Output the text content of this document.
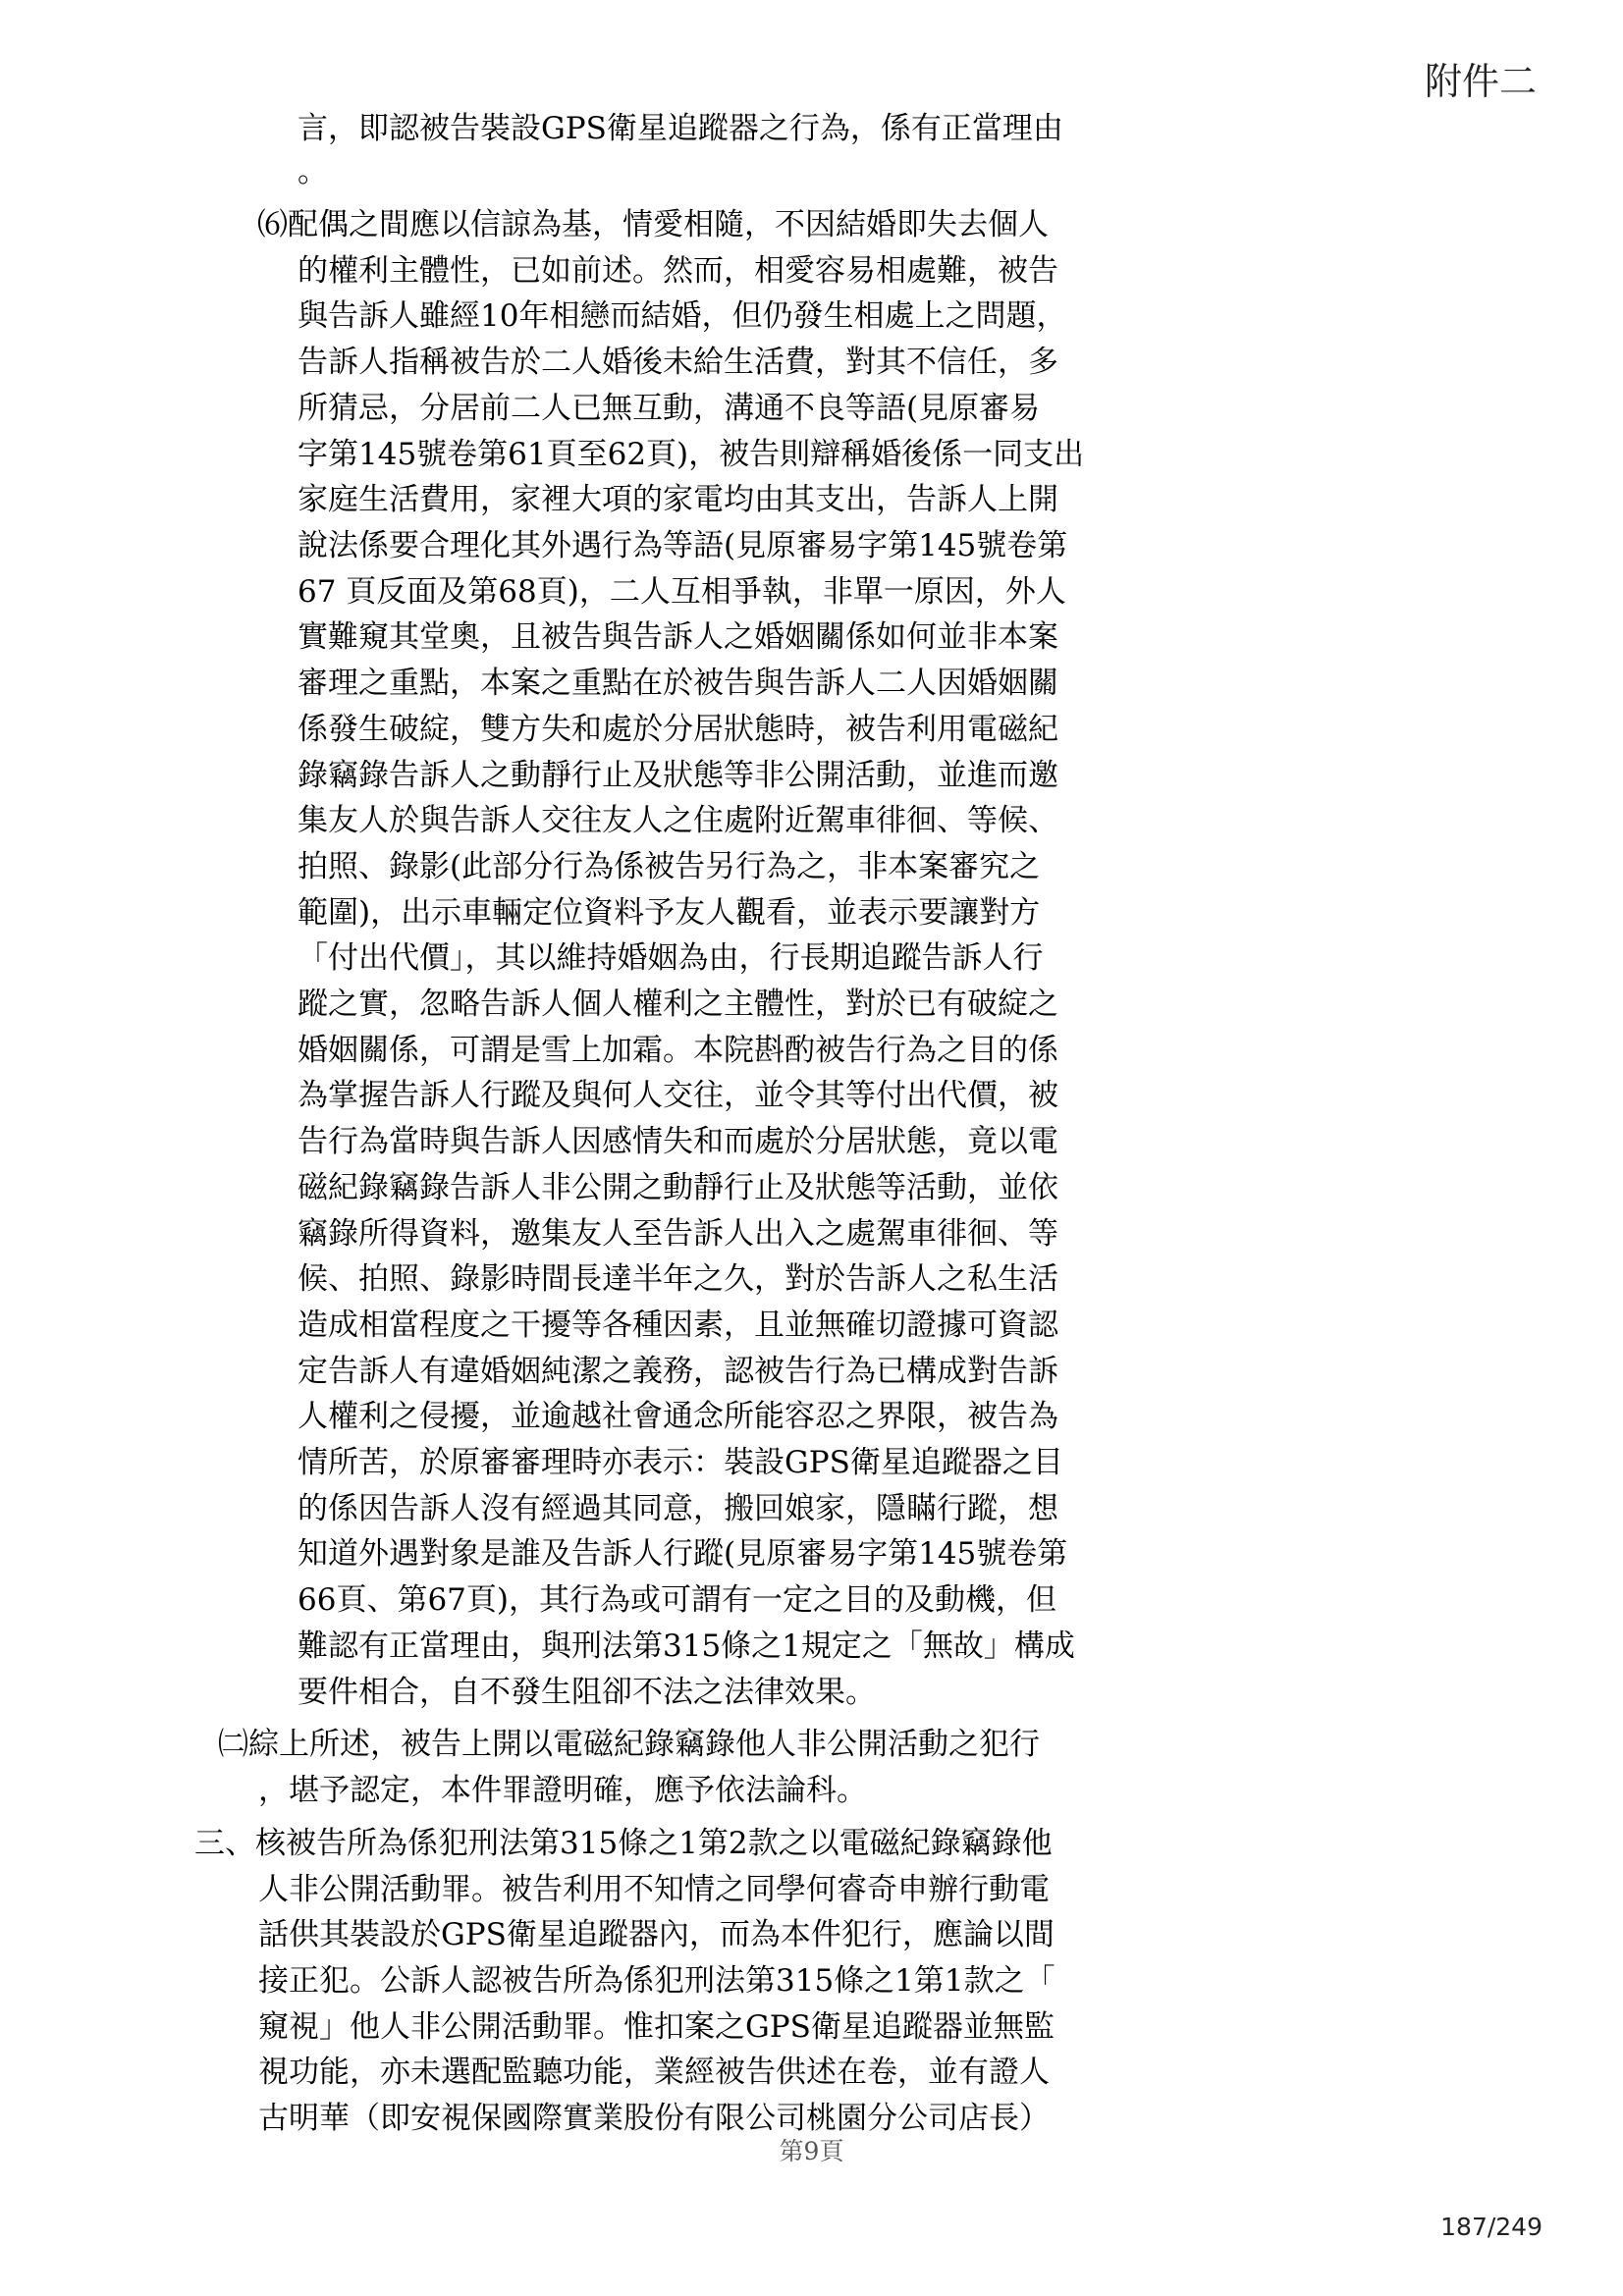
附件二
言，即認被告裝設GPS衛星追蹤器之行為，係有正當理由
。
⑹配偶之間應以信諒為基，情愛相隨，不因結婚即失去個人
的權利主體性，已如前述。然而，相愛容易相處難，被告
與告訴人雖經10年相戀而結婚，但仍發生相處上之問題，
告訴人指稱被告於二人婚後未給生活費，對其不信任，多
所猜忌，分居前二人已無互動，溝通不良等語(見原審易
字第145號卷第61頁至62頁)，被告則辯稱婚後係一同支出
家庭生活費用，家裡大項的家電均由其支出，告訴人上開
說法係要合理化其外遇行為等語(見原審易字第145號卷第
67 頁反面及第68頁)，二人互相爭執，非單一原因，外人
實難窺其堂奧，且被告與告訴人之婚姻關係如何並非本案
審理之重點，本案之重點在於被告與告訴人二人因婚姻關
係發生破綻，雙方失和處於分居狀態時，被告利用電磁紀
錄竊錄告訴人之動靜行止及狀態等非公開活動，並進而邀
集友人於與告訴人交往友人之住處附近駕車徘徊、等候、
拍照、錄影(此部分行為係被告另行為之，非本案審究之
範圍)，出示車輛定位資料予友人觀看，並表示要讓對方
「付出代價」，其以維持婚姻為由，行長期追蹤告訴人行
蹤之實，忽略告訴人個人權利之主體性，對於已有破綻之
婚姻關係，可謂是雪上加霜。本院斟酌被告行為之目的係
為掌握告訴人行蹤及與何人交往，並令其等付出代價，被
告行為當時與告訴人因感情失和而處於分居狀態，竟以電
磁紀錄竊錄告訴人非公開之動靜行止及狀態等活動，並依
竊錄所得資料，邀集友人至告訴人出入之處駕車徘徊、等
候、拍照、錄影時間長達半年之久，對於告訴人之私生活
造成相當程度之干擾等各種因素，且並無確切證據可資認
定告訴人有違婚姻純潔之義務，認被告行為已構成對告訴
人權利之侵擾，並逾越社會通念所能容忍之界限，被告為
情所苦，於原審審理時亦表示：裝設GPS衛星追蹤器之目
的係因告訴人沒有經過其同意，搬回娘家，隱瞞行蹤，想
知道外遇對象是誰及告訴人行蹤(見原審易字第145號卷第
66頁、第67頁)，其行為或可謂有一定之目的及動機，但
難認有正當理由，與刑法第315條之1規定之「無故」構成
要件相合，自不發生阻卻不法之法律效果。
㈡綜上所述，被告上開以電磁紀錄竊錄他人非公開活動之犯行
，堪予認定，本件罪證明確，應予依法論科。
三、核被告所為係犯刑法第315條之1第2款之以電磁紀錄竊錄他
人非公開活動罪。被告利用不知情之同學何睿奇申辦行動電
話供其裝設於GPS衛星追蹤器內，而為本件犯行，應論以間
接正犯。公訴人認被告所為係犯刑法第315條之1第1款之「
窺視」他人非公開活動罪。惟扣案之GPS衛星追蹤器並無監
視功能，亦未選配監聽功能，業經被告供述在卷，並有證人
古明華（即安視保國際實業股份有限公司桃園分公司店長）
第9頁
187/249
